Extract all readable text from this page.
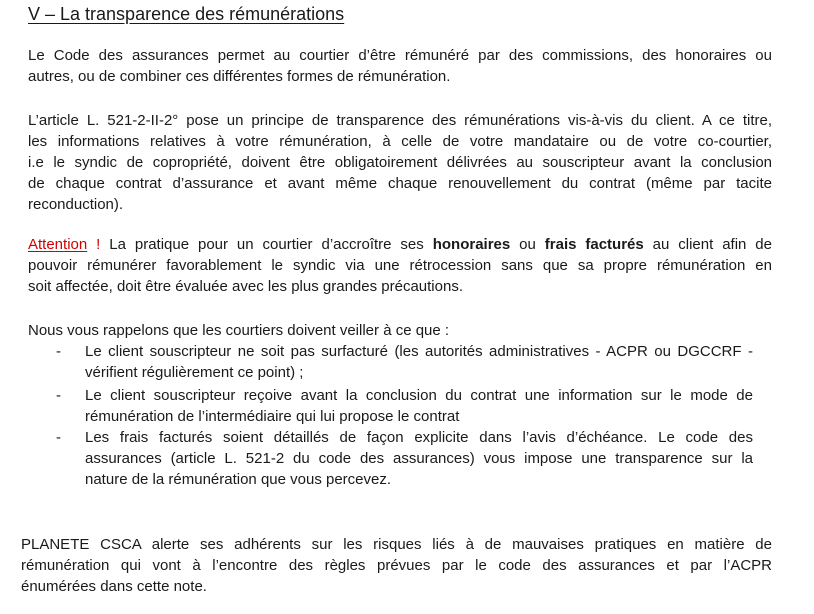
V – La transparence des rémunérations
Le Code des assurances permet au courtier d’être rémunéré par des commissions, des honoraires ou
autres, ou de combiner ces différentes formes de rémunération.
L’article L. 521-2-II-2° pose un principe de transparence des rémunérations vis-à-vis du client. A ce titre,
les informations relatives à votre rémunération, à celle de votre mandataire ou de votre co-courtier,
i.e le syndic de copropriété, doivent être obligatoirement délivrées au souscripteur avant la conclusion
de chaque contrat d’assurance et avant même chaque renouvellement du contrat (même par tacite
reconduction).
Attention ! La pratique pour un courtier d’accroître ses honoraires ou frais facturés au client afin de
pouvoir rémunérer favorablement le syndic via une rétrocession sans que sa propre rémunération en
soit affectée, doit être évaluée avec les plus grandes précautions.
Nous vous rappelons que les courtiers doivent veiller à ce que :
- Le client souscripteur ne soit pas surfacturé (les autorités administratives - ACPR ou DGCCRF -
vérifient régulièrement ce point) ;
- Le client souscripteur reçoive avant la conclusion du contrat une information sur le mode de
rémunération de l’intermédiaire qui lui propose le contrat
- Les frais facturés soient détaillés de façon explicite dans l’avis d’échéance. Le code des
assurances (article L. 521-2 du code des assurances) vous impose une transparence sur la
nature de la rémunération que vous percevez.
PLANETE CSCA alerte ses adhérents sur les risques liés à de mauvaises pratiques en matière de
rémunération qui vont à l’encontre des règles prévues par le code des assurances et par l’ACPR
énumérées dans cette note.
